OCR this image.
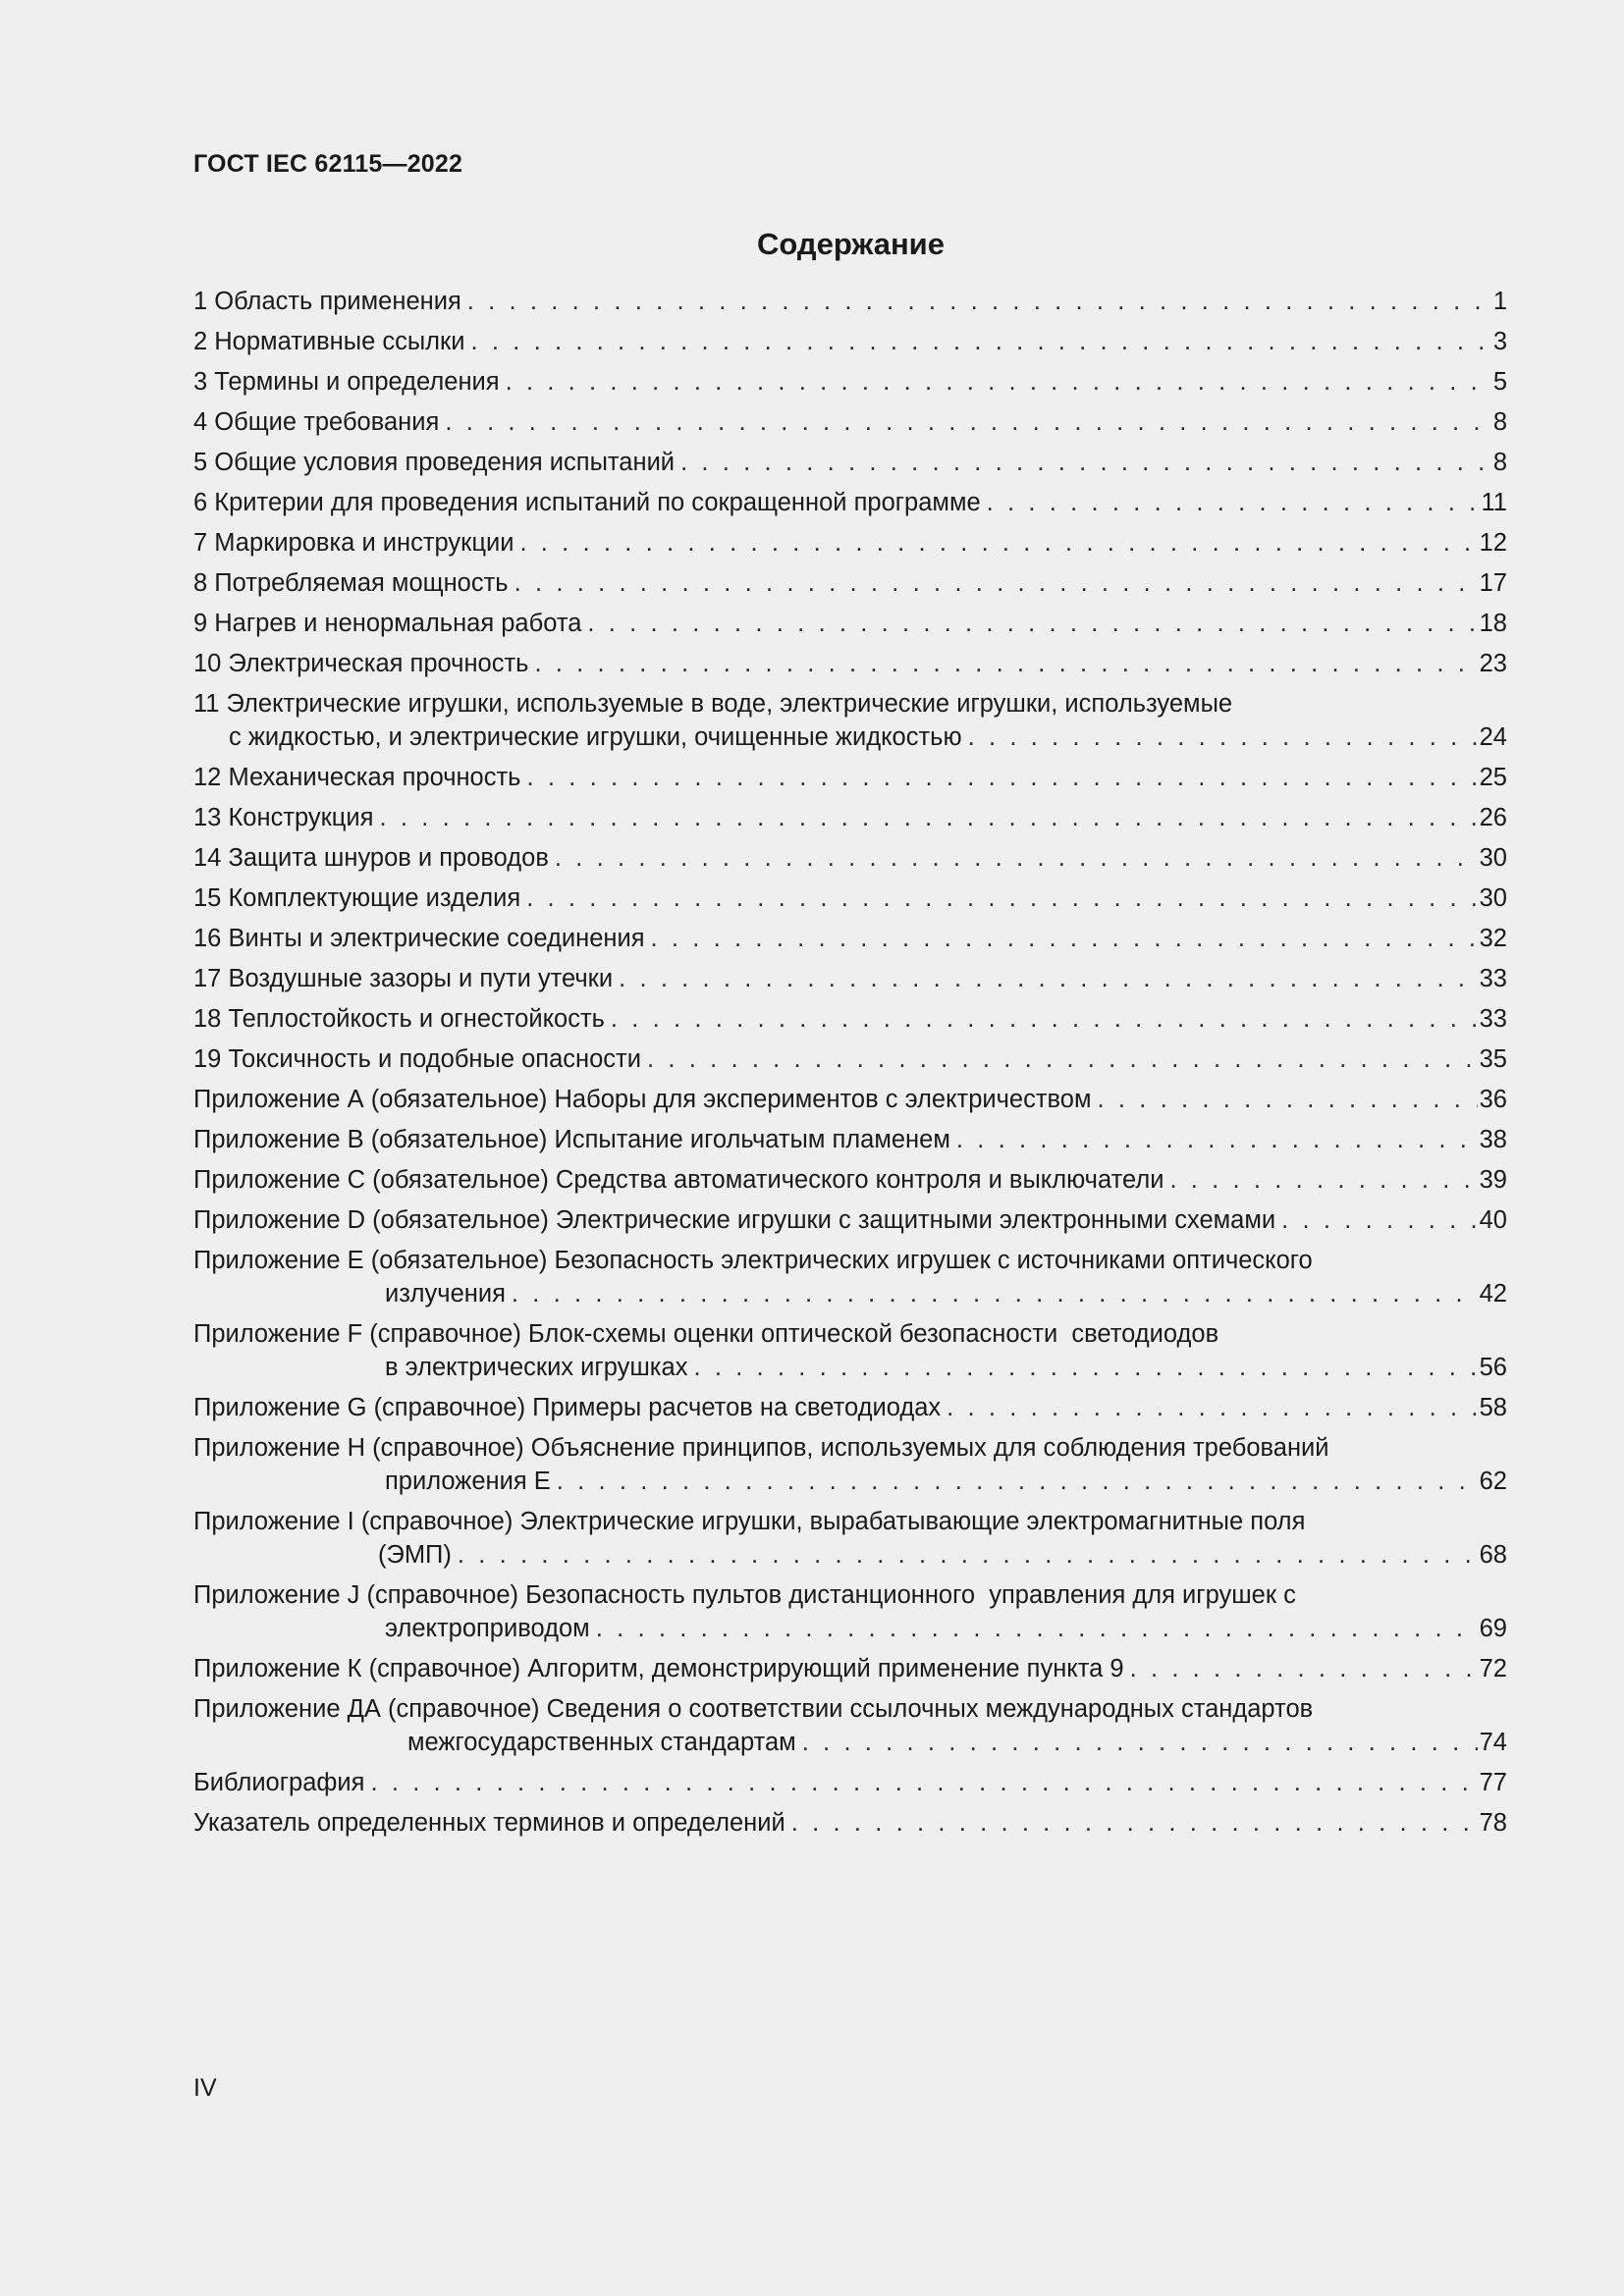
ГОСТ IEC 62115—2022
Содержание
1 Область применения . . .	1
2 Нормативные ссылки . . .	3
3 Термины и определения . . .	5
4 Общие требования . . .	8
5 Общие условия проведения испытаний . . .	8
6 Критерии для проведения испытаний по сокращенной программе . . .	11
7 Маркировка и инструкции . . .	12
8 Потребляемая мощность . . .	17
9 Нагрев и ненормальная работа . . .	18
10 Электрическая прочность . . .	23
11 Электрические игрушки, используемые в воде, электрические игрушки, используемые
с жидкостью, и электрические игрушки, очищенные жидкостью . . .	24
12 Механическая прочность . . .	25
13 Конструкция . . .	26
14 Защита шнуров и проводов . . .	30
15 Комплектующие изделия . . .	30
16 Винты и электрические соединения . . .	32
17 Воздушные зазоры и пути утечки . . .	33
18 Теплостойкость и огнестойкость . . .	33
19 Токсичность и подобные опасности . . .	35
Приложение А (обязательное) Наборы для экспериментов с электричеством . . .	36
Приложение В (обязательное) Испытание игольчатым пламенем . . .	38
Приложение С (обязательное) Средства автоматического контроля и выключатели . . .	39
Приложение D (обязательное) Электрические игрушки с защитными электронными схемами . . .	40
Приложение Е (обязательное) Безопасность электрических игрушек с источниками оптического
излучения . . .	42
Приложение F (справочное) Блок-схемы оценки оптической безопасности  светодиодов
в электрических игрушках . . .	56
Приложение G (справочное) Примеры расчетов на светодиодах . . .	58
Приложение Н (справочное) Объяснение принципов, используемых для соблюдения требований
приложения Е . . .	62
Приложение I (справочное) Электрические игрушки, вырабатывающие электромагнитные поля
(ЭМП) . . .	68
Приложение J (справочное) Безопасность пультов дистанционного  управления для игрушек с
электроприводом . . .	69
Приложение К (справочное) Алгоритм, демонстрирующий применение пункта 9 . . .	72
Приложение ДА (справочное) Сведения о соответствии ссылочных международных стандартов
межгосударственных стандартам . . .	74
Библиография . . .	77
Указатель определенных терминов и определений . . .	78
IV
